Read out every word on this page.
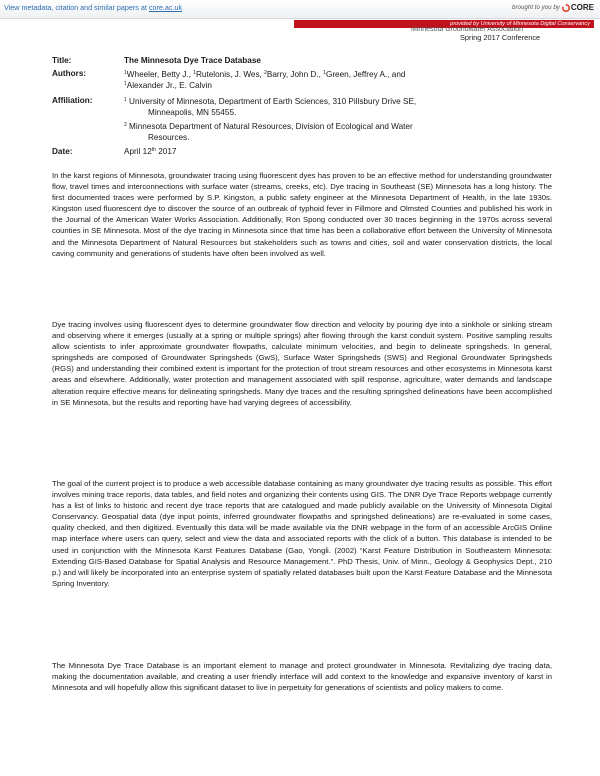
View metadata, citation and similar papers at core.ac.uk	brought to you by CORE
provided by University of Minnesota Digital Conservancy
Minnesota Groundwater Association
Spring 2017 Conference
Title:	The Minnesota Dye Trace Database
Authors:	$^1$Wheeler, Betty J., $^1$Rutelonis, J. Wes, $^2$Barry, John D., $^1$Green, Jeffrey A., and
$^1$Alexander Jr., E. Calvin
Affiliation:	$^1$ University of Minnesota, Department of Earth Sciences, 310 Pillsbury Drive SE,
Minneapolis, MN 55455.
$^2$ Minnesota Department of Natural Resources, Division of Ecological and Water
Resources.
Date:	April 12th 2017

In the karst regions of Minnesota, groundwater tracing using fluorescent dyes has proven to be an effective method for understanding groundwater flow, travel times and interconnections with surface water (streams, creeks, etc). Dye tracing in Southeast (SE) Minnesota has a long history. The first documented traces were performed by S.P. Kingston, a public safety engineer at the Minnesota Department of Health, in the late 1930s. Kingston used fluorescent dye to discover the source of an outbreak of typhoid fever in Fillmore and Olmsted Counties and published his work in the Journal of the American Water Works Association. Additionally, Ron Spong conducted over 30 traces beginning in the 1970s across several counties in SE Minnesota. Most of the dye tracing in Minnesota since that time has been a collaborative effort between the University of Minnesota and the Minnesota Department of Natural Resources but stakeholders such as towns and cities, soil and water conservation districts, the local caving community and generations of students have often been involved as well.

Dye tracing involves using fluorescent dyes to determine groundwater flow direction and velocity by pouring dye into a sinkhole or sinking stream and observing where it emerges (usually at a spring or multiple springs) after flowing through the karst conduit system. Positive sampling results allow scientists to infer approximate groundwater flowpaths, calculate minimum velocities, and begin to delineate springsheds. In general, springsheds are composed of Groundwater Springsheds (GwS), Surface Water Springsheds (SWS) and Regional Groundwater Springsheds (RGS) and understanding their combined extent is important for the protection of trout stream resources and other ecosystems in Minnesota karst areas and elsewhere. Additionally, water protection and management associated with spill response, agriculture, water demands and landscape alteration require effective means for delineating springsheds. Many dye traces and the resulting springshed delineations have been accomplished in SE Minnesota, but the results and reporting have had varying degrees of accessibility.

The goal of the current project is to produce a web accessible database containing as many groundwater dye tracing results as possible. This effort involves mining trace reports, data tables, and field notes and organizing their contents using GIS. The DNR Dye Trace Reports webpage currently has a list of links to historic and recent dye trace reports that are catalogued and made publicly available on the University of Minnesota Digital Conservancy. Geospatial data (dye input points, inferred groundwater flowpaths and springshed delineations) are re-evaluated in some cases, quality checked, and then digitized. Eventually this data will be made available via the DNR webpage in the form of an accessible ArcGIS Online map interface where users can query, select and view the data and associated reports with the click of a button. This database is intended to be used in conjunction with the Minnesota Karst Features Database (Gao, Yongli. (2002) “Karst Feature Distribution in Southeastern Minnesota: Extending GIS-Based Database for Spatial Analysis and Resource Management.”. PhD Thesis, Univ. of Minn., Geology & Geophysics Dept., 210 p.) and will likely be incorporated into an enterprise system of spatially related databases built upon the Karst Feature Database and the Minnesota Spring Inventory.

The Minnesota Dye Trace Database is an important element to manage and protect groundwater in Minnesota. Revitalizing dye tracing data, making the documentation available, and creating a user friendly interface will add context to the knowledge and expansive inventory of karst in Minnesota and will hopefully allow this significant dataset to live in perpetuity for generations of scientists and policy makers to come.
